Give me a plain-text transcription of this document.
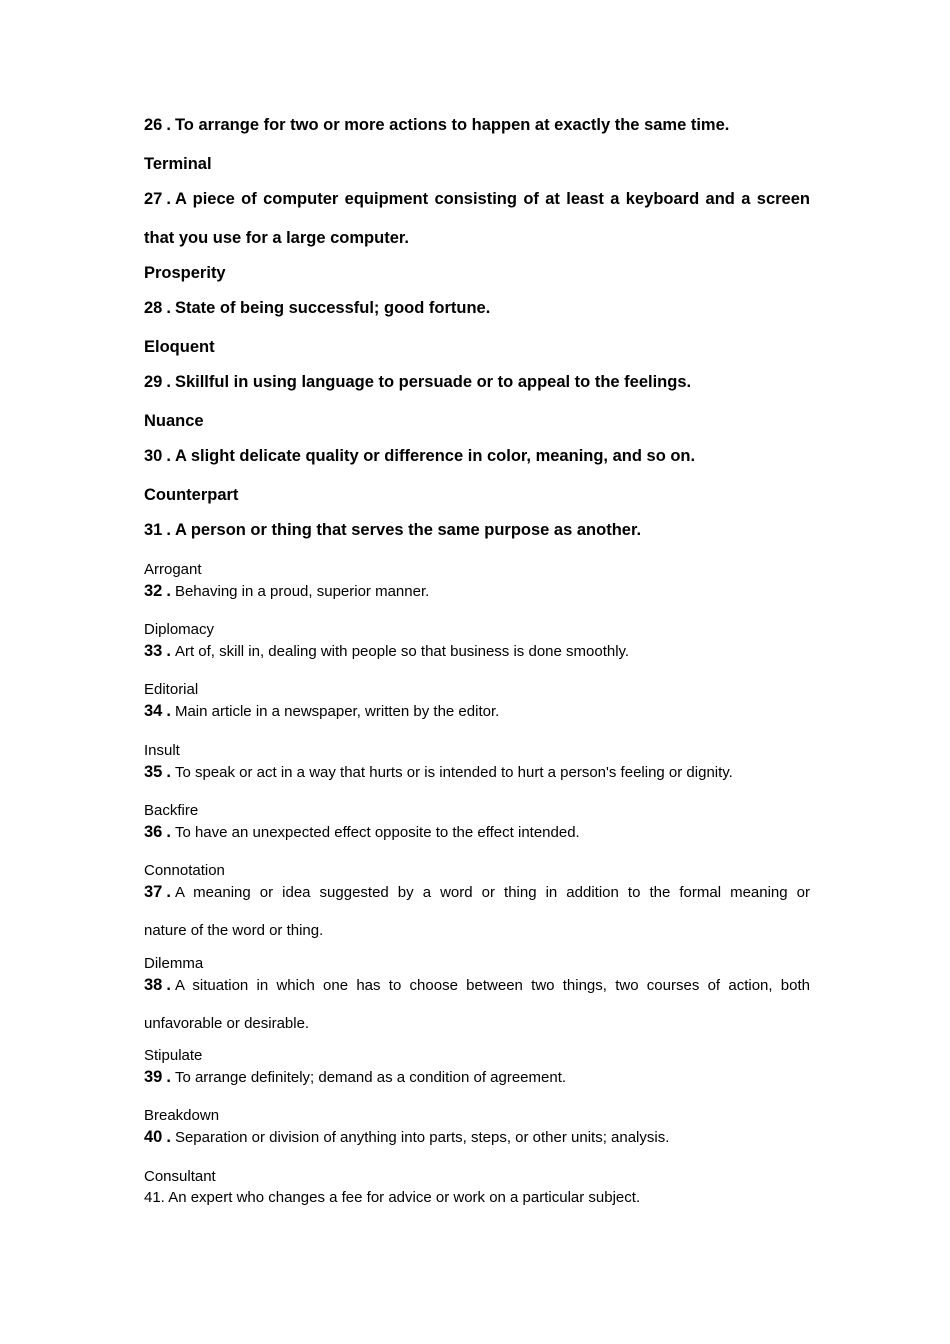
26 . To arrange for two or more actions to happen at exactly the same time.
Terminal
27 . A piece of computer equipment consisting of at least a keyboard and a screen
that you use for a large computer.
Prosperity
28 . State of being successful; good fortune.
Eloquent
29 . Skillful in using language to persuade or to appeal to the feelings.
Nuance
30 . A slight delicate quality or difference in color, meaning, and so on.
Counterpart
31 . A person or thing that serves the same purpose as another.
Arrogant
32 . Behaving in a proud, superior manner.
Diplomacy
33 . Art of, skill in, dealing with people so that business is done smoothly.
Editorial
34 . Main article in a newspaper, written by the editor.
Insult
35 . To speak or act in a way that hurts or is intended to hurt a person's feeling or dignity.
Backfire
36 . To have an unexpected effect opposite to the effect intended.
Connotation
37 . A meaning or idea suggested by a word or thing in addition to the formal meaning or
nature of the word or thing.
Dilemma
38 . A situation in which one has to choose between two things, two courses of action, both
unfavorable or desirable.
Stipulate
39 . To arrange definitely; demand as a condition of agreement.
Breakdown
40 . Separation or division of anything into parts, steps, or other units; analysis.
Consultant
41. An expert who changes a fee for advice or work on a particular subject.
